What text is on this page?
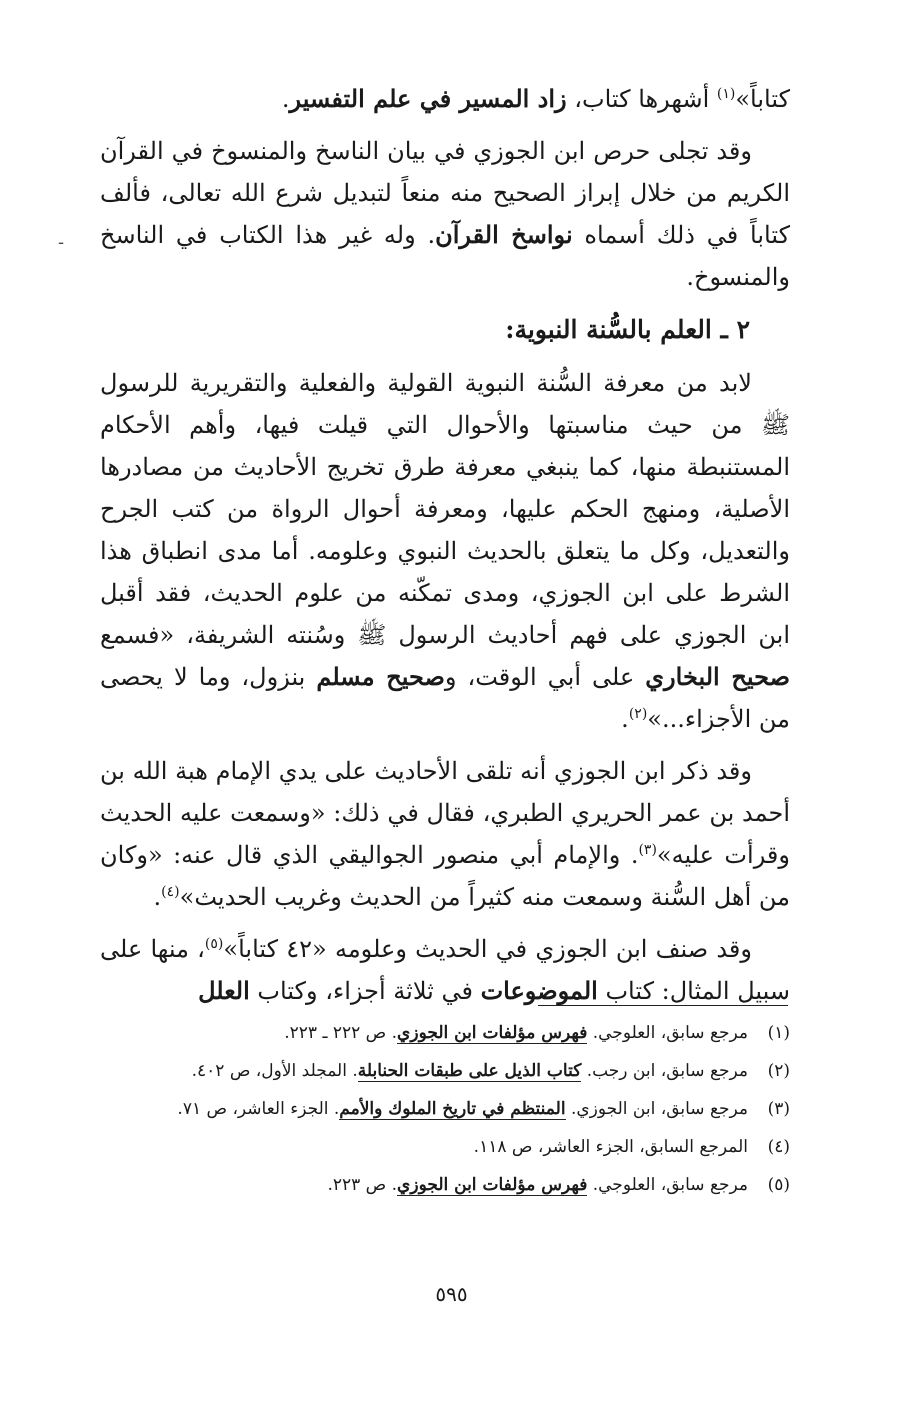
كتاباً»$^{(١)}$ أشهرها كتاب، زاد المسير في علم التفسير.

وقد تجلى حرص ابن الجوزي في بيان الناسخ والمنسوخ في القرآن الكريم من خلال إبراز الصحيح منه منعاً لتبديل شرع الله تعالى، فألف كتاباً في ذلك أسماه نواسخ القرآن. وله غير هذا الكتاب في الناسخ والمنسوخ.

٢ ـ العلم بالسُّنة النبوية:

لابد من معرفة السُّنة النبوية القولية والفعلية والتقريرية للرسول ﷺ من حيث مناسبتها والأحوال التي قيلت فيها، وأهم الأحكام المستنبطة منها، كما ينبغي معرفة طرق تخريج الأحاديث من مصادرها الأصلية، ومنهج الحكم عليها، ومعرفة أحوال الرواة من كتب الجرح والتعديل، وكل ما يتعلق بالحديث النبوي وعلومه. أما مدى انطباق هذا الشرط على ابن الجوزي، ومدى تمكّنه من علوم الحديث، فقد أقبل ابن الجوزي على فهم أحاديث الرسول ﷺ وسُنته الشريفة، «فسمع صحيح البخاري على أبي الوقت، وصحيح مسلم بنزول، وما لا يحصى من الأجزاء...»$^{(٢)}$.

وقد ذكر ابن الجوزي أنه تلقى الأحاديث على يدي الإمام هبة الله بن أحمد بن عمر الحريري الطبري، فقال في ذلك: «وسمعت عليه الحديث وقرأت عليه»$^{(٣)}$. والإمام أبي منصور الجواليقي الذي قال عنه: «وكان من أهل السُّنة وسمعت منه كثيراً من الحديث وغريب الحديث»$^{(٤)}$.

وقد صنف ابن الجوزي في الحديث وعلومه «٤٢ كتاباً»$^{(٥)}$، منها على سبيل المثال: كتاب الموضوعات في ثلاثة أجزاء، وكتاب العلل

-
(١)
مرجع سابق، العلوجي. فهرس مؤلفات ابن الجوزي. ص ٢٢٢ ـ ٢٢٣.
(٢)
مرجع سابق، ابن رجب. كتاب الذيل على طبقات الحنابلة. المجلد الأول، ص ٤٠٢.
(٣)
مرجع سابق، ابن الجوزي. المنتظم في تاريخ الملوك والأمم. الجزء العاشر، ص ٧١.
(٤)
المرجع السابق، الجزء العاشر، ص ١١٨.
(٥)
مرجع سابق، العلوجي. فهرس مؤلفات ابن الجوزي. ص ٢٢٣.
٥٩٥
